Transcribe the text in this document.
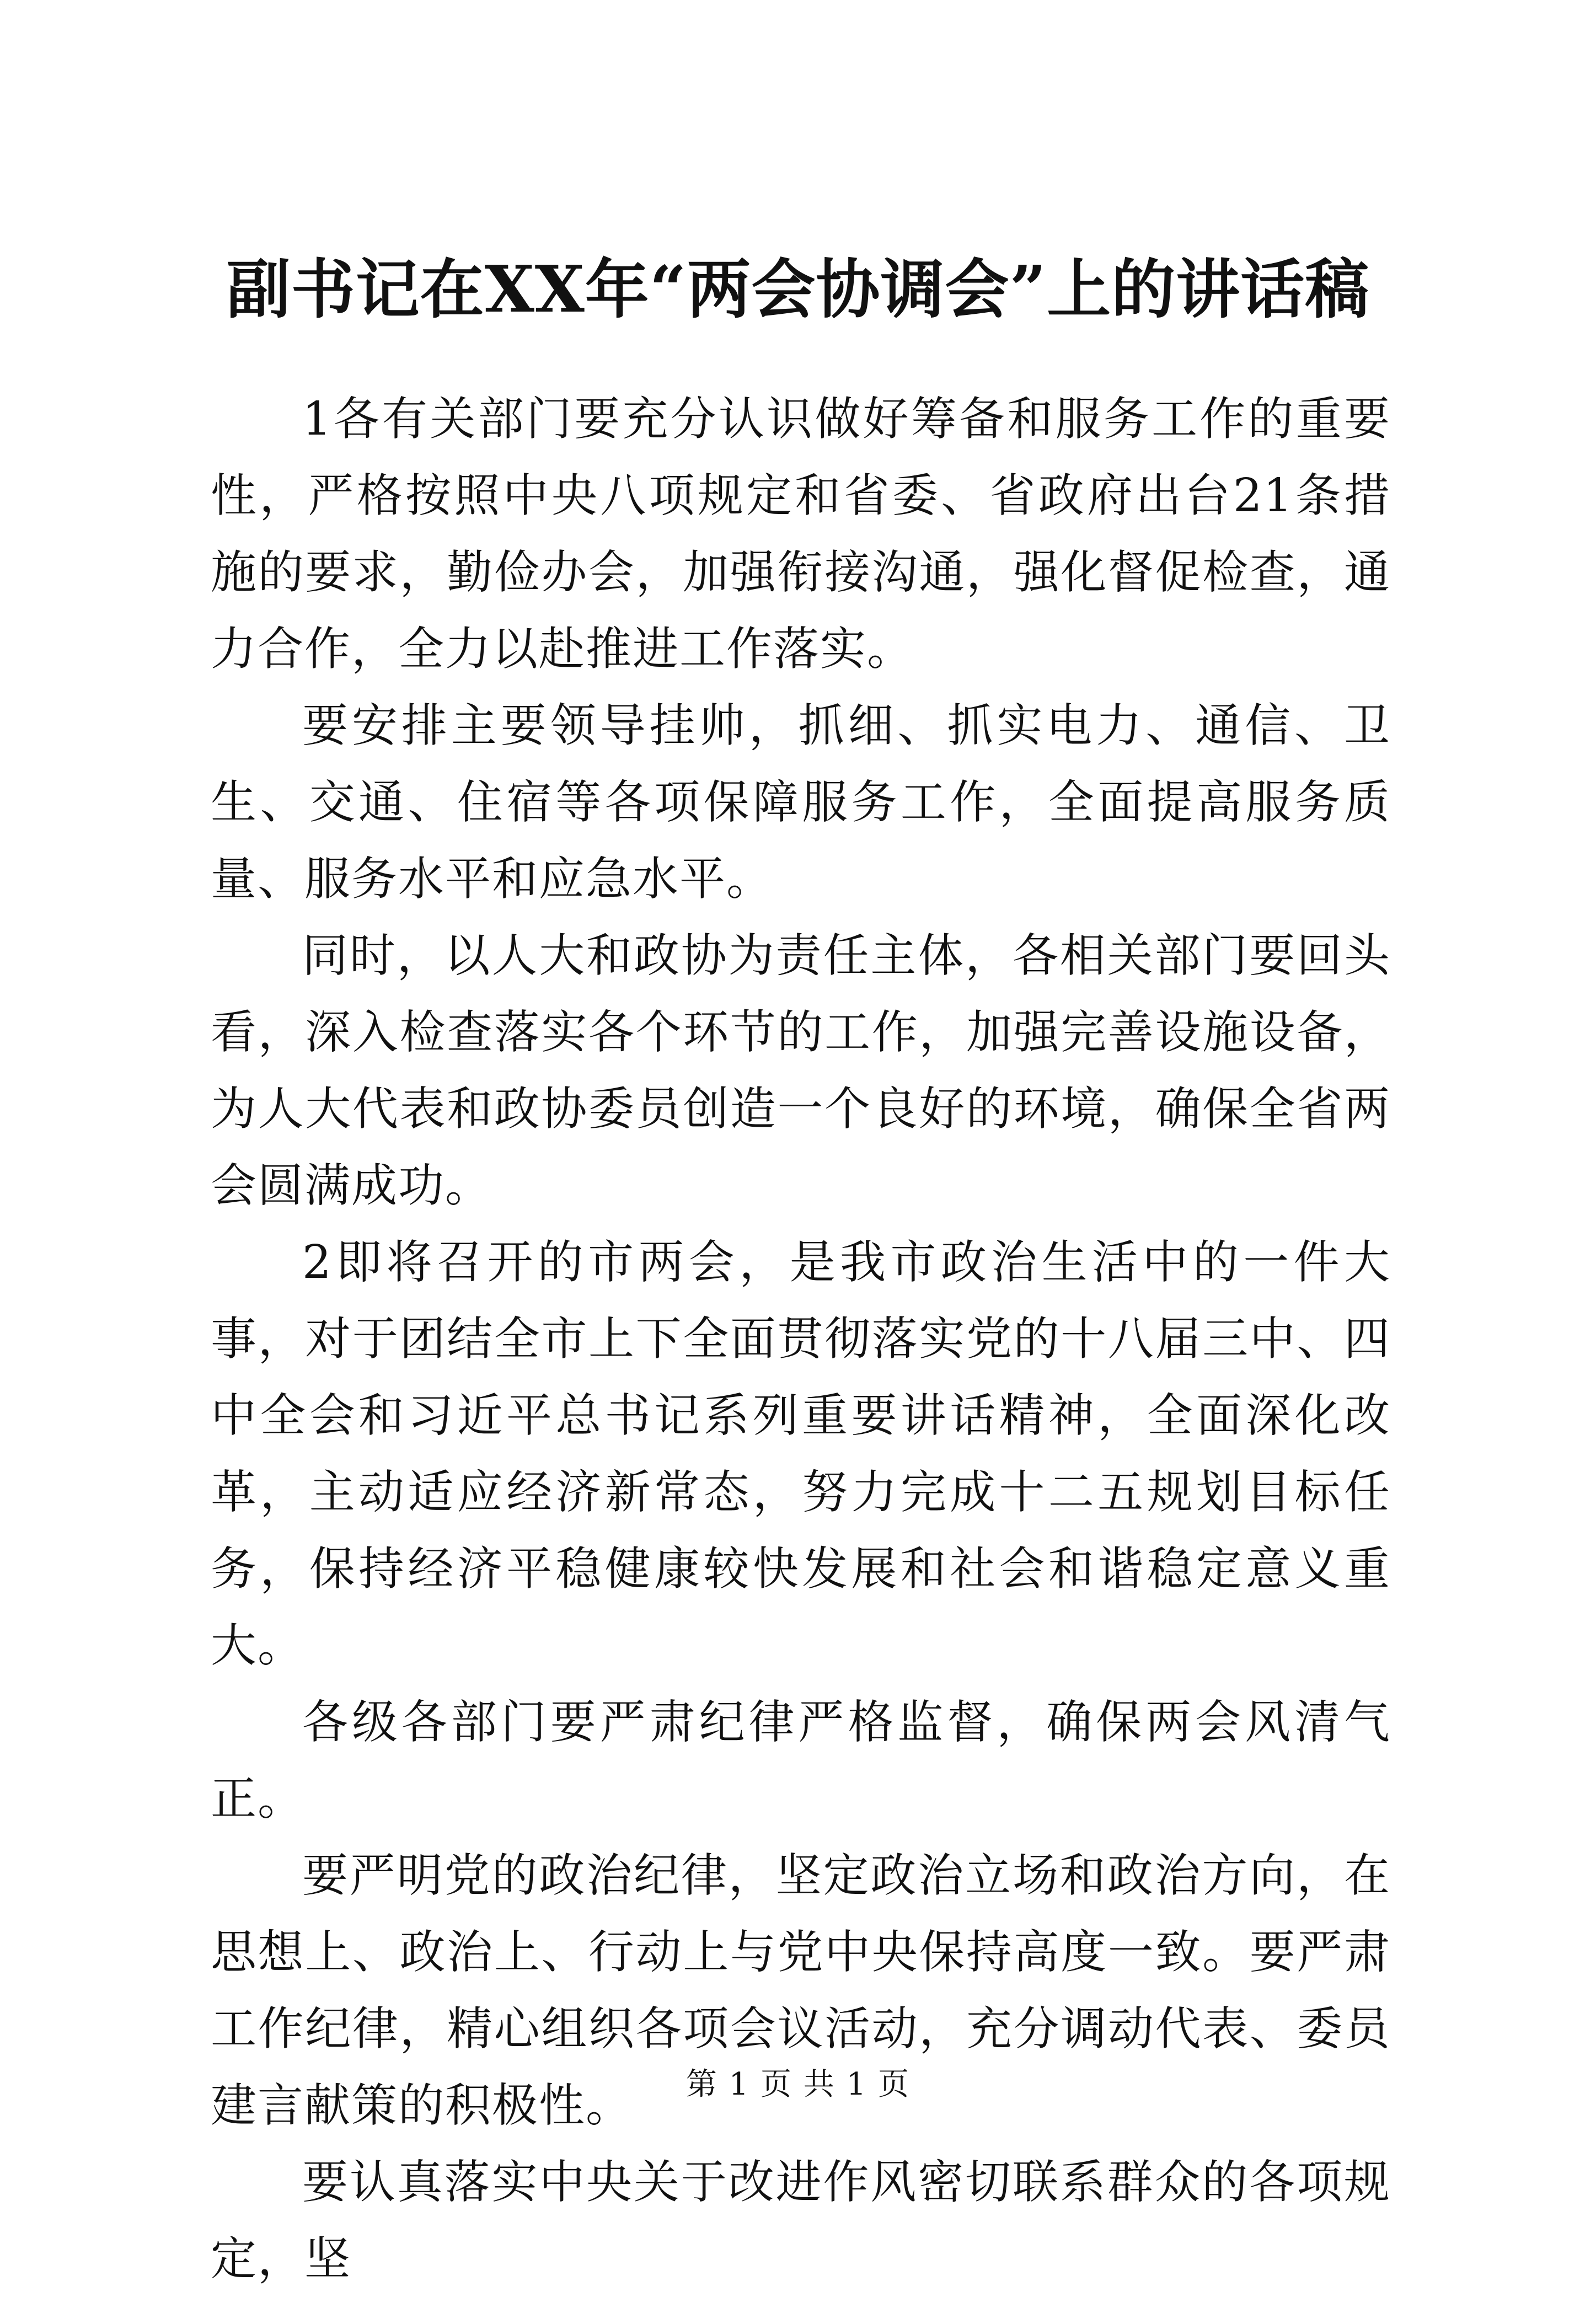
副书记在XX年“两会协调会”上的讲话稿

1各有关部门要充分认识做好筹备和服务工作的重要性，严格按照中央八项规定和省委、省政府出台21条措施的要求，勤俭办会，加强衔接沟通，强化督促检查，通力合作，全力以赴推进工作落实。

要安排主要领导挂帅，抓细、抓实电力、通信、卫生、交通、住宿等各项保障服务工作，全面提高服务质量、服务水平和应急水平。

同时，以人大和政协为责任主体，各相关部门要回头看，深入检查落实各个环节的工作，加强完善设施设备，为人大代表和政协委员创造一个良好的环境，确保全省两会圆满成功。

2即将召开的市两会，是我市政治生活中的一件大事，对于团结全市上下全面贯彻落实党的十八届三中、四中全会和习近平总书记系列重要讲话精神，全面深化改革，主动适应经济新常态，努力完成十二五规划目标任务，保持经济平稳健康较快发展和社会和谐稳定意义重大。

各级各部门要严肃纪律严格监督，确保两会风清气正。

要严明党的政治纪律，坚定政治立场和政治方向，在思想上、政治上、行动上与党中央保持高度一致。要严肃工作纪律，精心组织各项会议活动，充分调动代表、委员建言献策的积极性。

要认真落实中央关于改进作风密切联系群众的各项规定，坚

第 1 页 共 1 页
